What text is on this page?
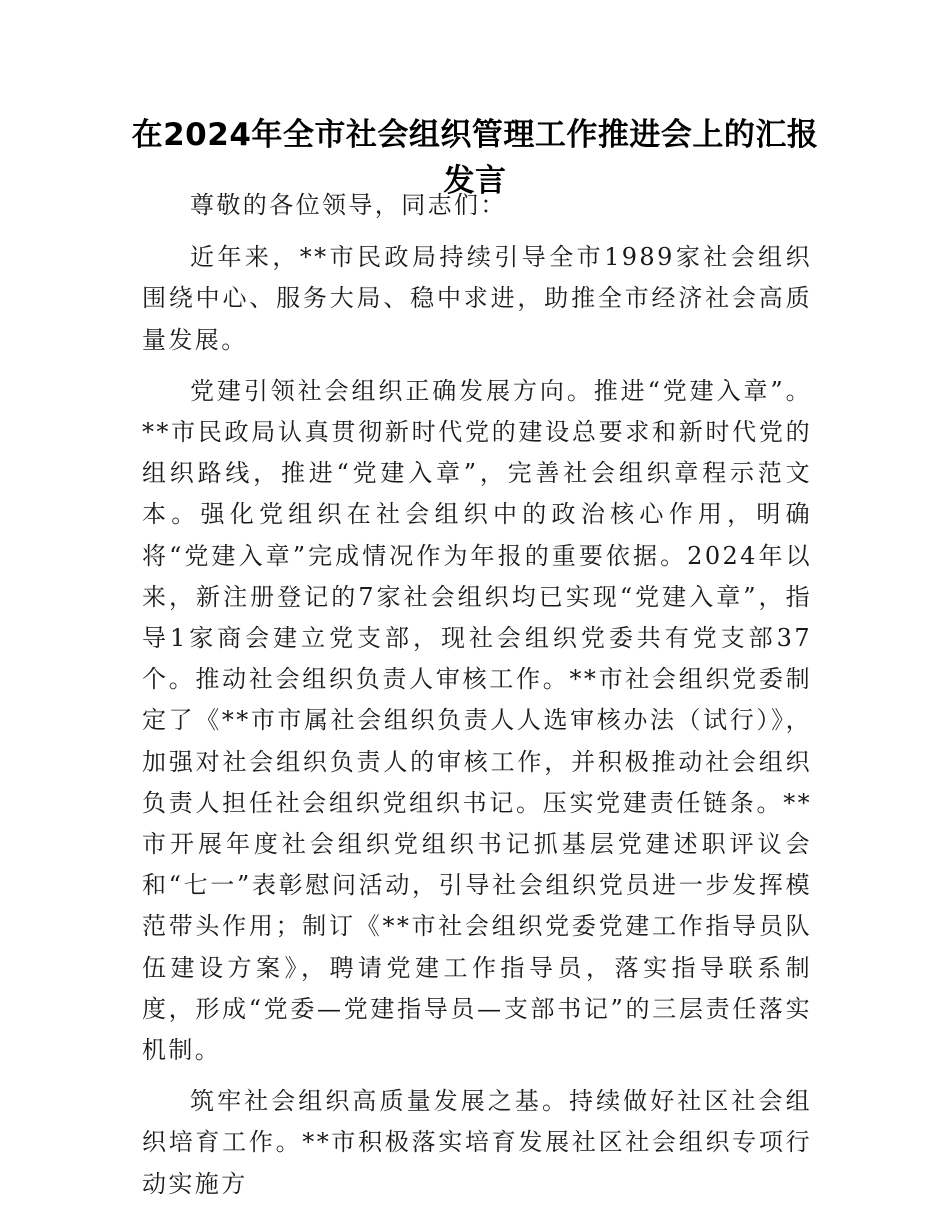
在2024年全市社会组织管理工作推进会上的汇报发言

尊敬的各位领导，同志们：

近年来，**市民政局持续引导全市1989家社会组织围绕中心、服务大局、稳中求进，助推全市经济社会高质量发展。

党建引领社会组织正确发展方向。推进“党建入章”。**市民政局认真贯彻新时代党的建设总要求和新时代党的组织路线，推进“党建入章”，完善社会组织章程示范文本。强化党组织在社会组织中的政治核心作用，明确将“党建入章”完成情况作为年报的重要依据。2024年以来，新注册登记的7家社会组织均已实现“党建入章”，指导1家商会建立党支部，现社会组织党委共有党支部37个。推动社会组织负责人审核工作。**市社会组织党委制定了《**市市属社会组织负责人人选审核办法（试行）》，加强对社会组织负责人的审核工作，并积极推动社会组织负责人担任社会组织党组织书记。压实党建责任链条。**市开展年度社会组织党组织书记抓基层党建述职评议会和“七一”表彰慰问活动，引导社会组织党员进一步发挥模范带头作用；制订《**市社会组织党委党建工作指导员队伍建设方案》，聘请党建工作指导员，落实指导联系制度，形成“党委—党建指导员—支部书记”的三层责任落实机制。

筑牢社会组织高质量发展之基。持续做好社区社会组织培育工作。**市积极落实培育发展社区社会组织专项行动实施方
